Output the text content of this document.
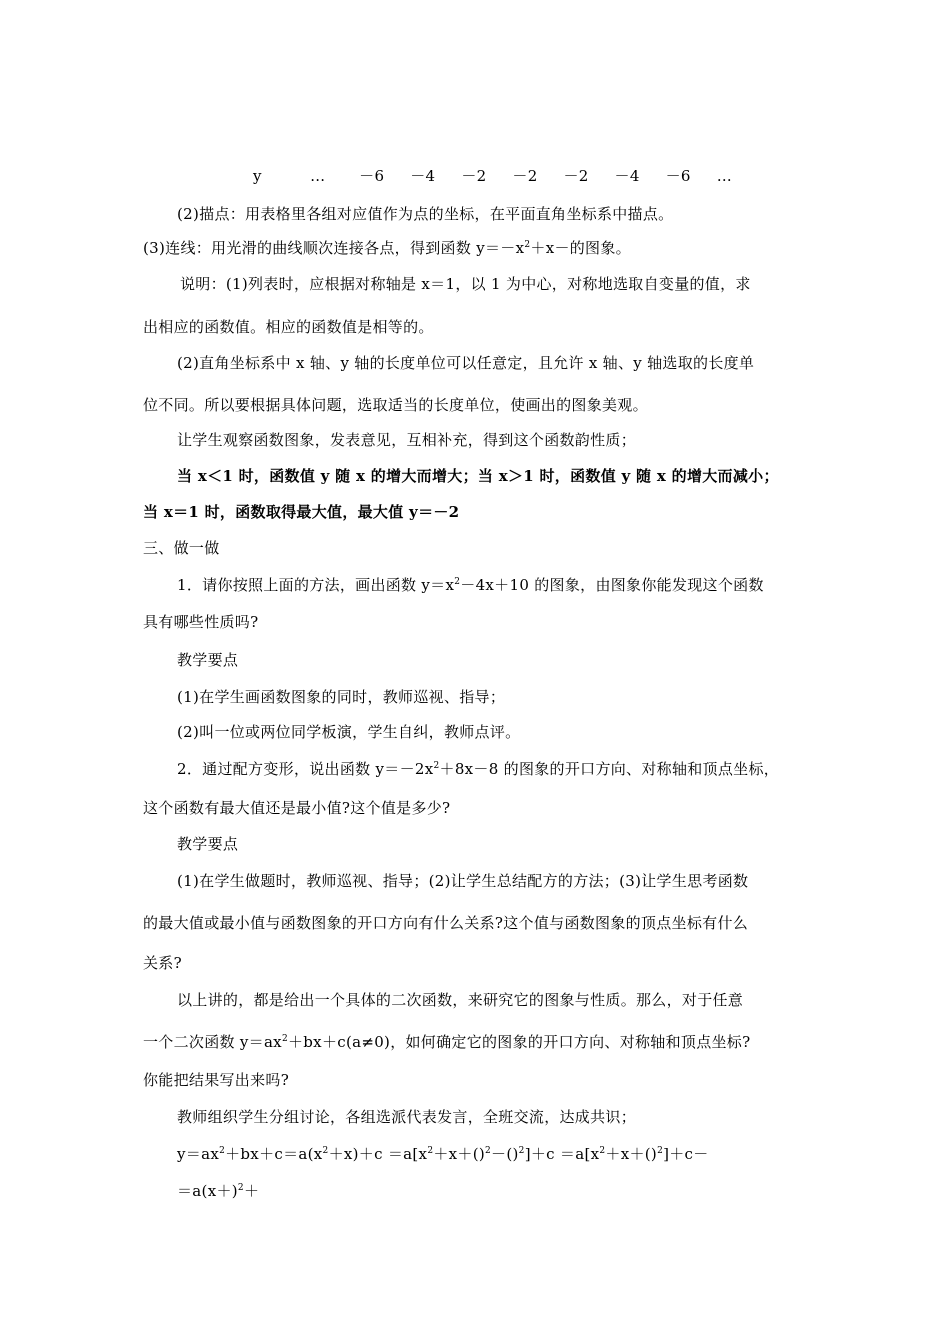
y	… －6 －4 －2 －2 －2 －4 －6 …
(2)描点：用表格里各组对应值作为点的坐标，在平面直角坐标系中描点。
(3)连线：用光滑的曲线顺次连接各点，得到函数 $y=-x^2+x-$的图象。
说明：(1)列表时，应根据对称轴是 x＝1，以 1 为中心，对称地选取自变量的值，求
出相应的函数值。相应的函数值是相等的。
(2)直角坐标系中 x 轴、y 轴的长度单位可以任意定，且允许 x 轴、y 轴选取的长度单
位不同。所以要根据具体问题，选取适当的长度单位，使画出的图象美观。
让学生观察函数图象，发表意见，互相补充，得到这个函数韵性质；
当 x＜1 时，函数值 y 随 x 的增大而增大；当 x＞1 时，函数值 y 随 x 的增大而减小；
当 x＝1 时，函数取得最大值，最大值 y＝－2
三、做一做
1．请你按照上面的方法，画出函数 $y=x^2-4x+10$ 的图象，由图象你能发现这个函数
具有哪些性质吗?
教学要点
(1)在学生画函数图象的同时，教师巡视、指导；
(2)叫一位或两位同学板演，学生自纠，教师点评。
2．通过配方变形，说出函数 $y=-2x^2+8x-8$ 的图象的开口方向、对称轴和顶点坐标，
这个函数有最大值还是最小值?这个值是多少?
教学要点
(1)在学生做题时，教师巡视、指导；(2)让学生总结配方的方法；(3)让学生思考函数
的最大值或最小值与函数图象的开口方向有什么关系?这个值与函数图象的顶点坐标有什么
关系?
以上讲的，都是给出一个具体的二次函数，来研究它的图象与性质。那么，对于任意
一个二次函数 $y=ax^2+bx+c(a\ne 0)$，如何确定它的图象的开口方向、对称轴和顶点坐标?
你能把结果写出来吗?
教师组织学生分组讨论，各组选派代表发言，全班交流，达成共识；
$y=ax^2+bx+c=a(x^2+x)+c =a[x^2+x+()^2-()^2]+c =a[x^2+x+()^2]+c-$
$=a(x+)^2+$
